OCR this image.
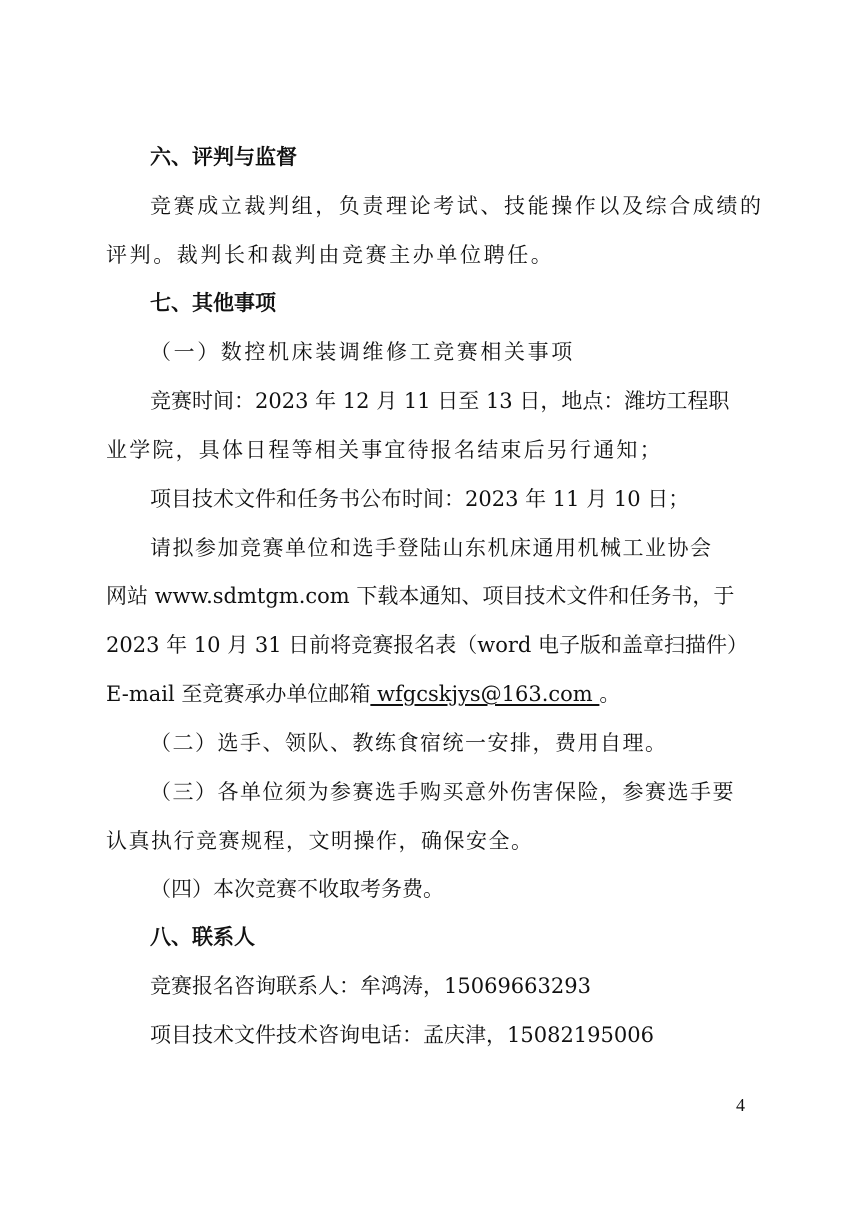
六、评判与监督
竞赛成立裁判组，负责理论考试、技能操作以及综合成绩的
评判。裁判长和裁判由竞赛主办单位聘任。
七、其他事项
（一）数控机床装调维修工竞赛相关事项
竞赛时间：2023 年 12 月 11 日至 13 日，地点：潍坊工程职
业学院，具体日程等相关事宜待报名结束后另行通知；
项目技术文件和任务书公布时间：2023 年 11 月 10 日；
请拟参加竞赛单位和选手登陆山东机床通用机械工业协会
网站 www.sdmtgm.com 下载本通知、项目技术文件和任务书，于
2023 年 10 月 31 日前将竞赛报名表（word 电子版和盖章扫描件）
E-mail 至竞赛承办单位邮箱 wfgcskjys@163.com 。
（二）选手、领队、教练食宿统一安排，费用自理。
（三）各单位须为参赛选手购买意外伤害保险，参赛选手要
认真执行竞赛规程，文明操作，确保安全。
（四）本次竞赛不收取考务费。
八、联系人
竞赛报名咨询联系人：牟鸿涛，15069663293
项目技术文件技术咨询电话：孟庆津，15082195006
4
